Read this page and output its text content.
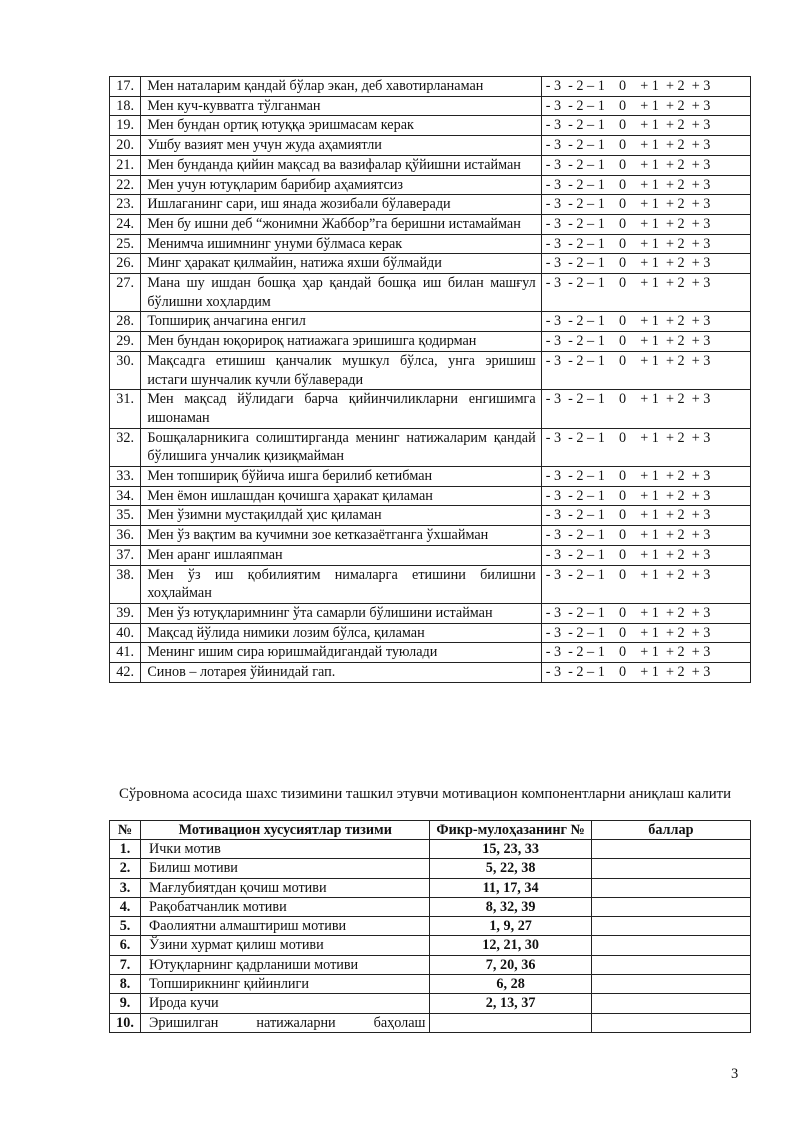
17.	Мен наталарим қандай бўлар экан, деб хавотирланаман	- 3  - 2 – 1    0    + 1  + 2  + 3
18.	Мен куч-кувватга тўлганман	- 3  - 2 – 1    0    + 1  + 2  + 3
19.	Мен бундан ортиқ ютуққа эришмасам керак	- 3  - 2 – 1    0    + 1  + 2  + 3
20.	Ушбу вазият мен учун жуда аҳамиятли	- 3  - 2 – 1    0    + 1  + 2  + 3
21.	Мен бунданда қийин мақсад ва вазифалар қўйишни истайман	- 3  - 2 – 1    0    + 1  + 2  + 3
22.	Мен учун ютуқларим барибир аҳамиятсиз	- 3  - 2 – 1    0    + 1  + 2  + 3
23.	Ишлаганинг сари, иш янада жозибали бўлаверади	- 3  - 2 – 1    0    + 1  + 2  + 3
24.	Мен бу ишни деб “жонимни Жаббор”га беришни истамайман	- 3  - 2 – 1    0    + 1  + 2  + 3
25.	Менимча ишимнинг унуми бўлмаса керак	- 3  - 2 – 1    0    + 1  + 2  + 3
26.	Минг ҳаракат қилмайин, натижа яхши бўлмайди	- 3  - 2 – 1    0    + 1  + 2  + 3
27.	Мана шу ишдан бошқа ҳар қандай бошқа иш билан машғул бўлишни хоҳлардим	- 3  - 2 – 1    0    + 1  + 2  + 3
28.	Топшириқ анчагина енгил	- 3  - 2 – 1    0    + 1  + 2  + 3
29.	Мен бундан юқорироқ натиажага эришишга қодирман	- 3  - 2 – 1    0    + 1  + 2  + 3
30.	Мақсадга етишиш қанчалик мушкул бўлса, унга эришиш истаги шунчалик кучли бўлаверади	- 3  - 2 – 1    0    + 1  + 2  + 3
31.	Мен мақсад йўлидаги барча қийинчиликларни енгишимга ишонаман	- 3  - 2 – 1    0    + 1  + 2  + 3
32.	Бошқаларникига солиштирганда менинг натижаларим қандай бўлишига унчалик қизиқмайман	- 3  - 2 – 1    0    + 1  + 2  + 3
33.	Мен топшириқ бўйича ишга берилиб кетибман	- 3  - 2 – 1    0    + 1  + 2  + 3
34.	Мен ёмон ишлашдан қочишга ҳаракат қиламан	- 3  - 2 – 1    0    + 1  + 2  + 3
35.	Мен ўзимни мустақилдай ҳис қиламан	- 3  - 2 – 1    0    + 1  + 2  + 3
36.	Мен ўз вақтим ва кучимни зое кетказаётганга ўхшайман	- 3  - 2 – 1    0    + 1  + 2  + 3
37.	Мен аранг ишлаяпман	- 3  - 2 – 1    0    + 1  + 2  + 3
38.	Мен ўз иш қобилиятим нималарга етишини билишни хоҳлайман	- 3  - 2 – 1    0    + 1  + 2  + 3
39.	Мен ўз ютуқларимнинг ўта самарли бўлишини истайман	- 3  - 2 – 1    0    + 1  + 2  + 3
40.	Мақсад йўлида нимики лозим бўлса, қиламан	- 3  - 2 – 1    0    + 1  + 2  + 3
41.	Менинг ишим сира юришмайдигандай туюлади	- 3  - 2 – 1    0    + 1  + 2  + 3
42.	Синов – лотарея ўйинидай гап.	- 3  - 2 – 1    0    + 1  + 2  + 3
Сўровнома асосида шахс тизимини ташкил этувчи мотивацион компонентларни аниқлаш калити
№	Мотивацион хусусиятлар тизими	Фикр-мулоҳазанинг №	баллар
1.	Ички мотив	15, 23, 33	
2.	Билиш мотиви	5, 22, 38	
3.	Мағлубиятдан қочиш мотиви	11, 17, 34	
4.	Рақобатчанлик мотиви	8, 32, 39	
5.	Фаолиятни алмаштириш мотиви	1, 9, 27	
6.	Ўзини хурмат қилиш мотиви	12, 21, 30	
7.	Ютуқларнинг қадрланиши мотиви	7, 20, 36	
8.	Топширикнинг қийинлиги	6, 28	
9.	Ирода кучи	2, 13, 37	
10.	Эришилган натижаларни баҳолаш		
3
